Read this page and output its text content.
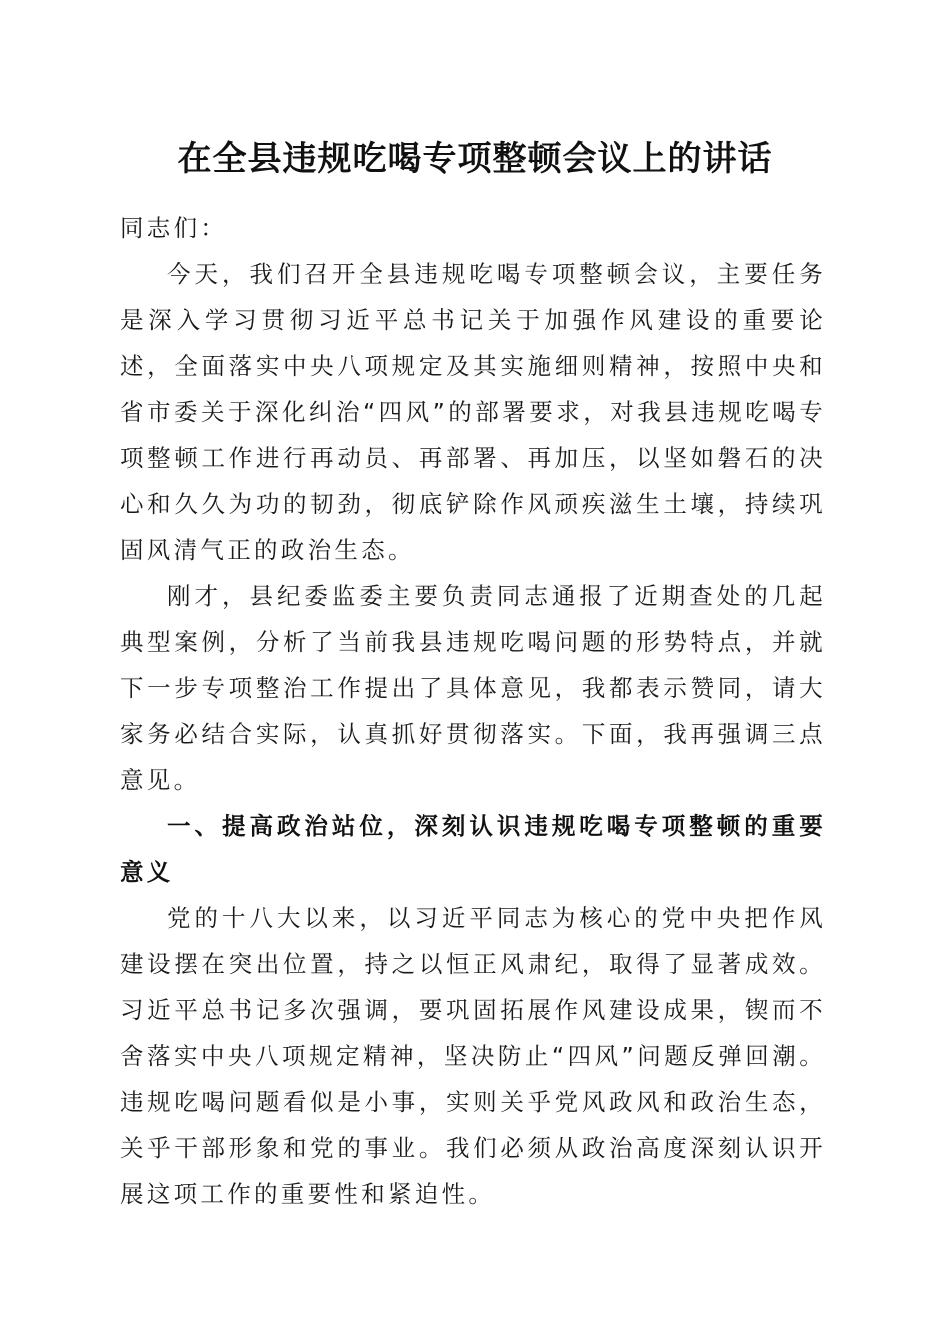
在全县违规吃喝专项整顿会议上的讲话

同志们：

今天，我们召开全县违规吃喝专项整顿会议，主要任务是深入学习贯彻习近平总书记关于加强作风建设的重要论述，全面落实中央八项规定及其实施细则精神，按照中央和省市委关于深化纠治“四风”的部署要求，对我县违规吃喝专项整顿工作进行再动员、再部署、再加压，以坚如磐石的决心和久久为功的韧劲，彻底铲除作风顽疾滋生土壤，持续巩固风清气正的政治生态。

刚才，县纪委监委主要负责同志通报了近期查处的几起典型案例，分析了当前我县违规吃喝问题的形势特点，并就下一步专项整治工作提出了具体意见，我都表示赞同，请大家务必结合实际，认真抓好贯彻落实。下面，我再强调三点意见。

一、提高政治站位，深刻认识违规吃喝专项整顿的重要意义

党的十八大以来，以习近平同志为核心的党中央把作风建设摆在突出位置，持之以恒正风肃纪，取得了显著成效。习近平总书记多次强调，要巩固拓展作风建设成果，锲而不舍落实中央八项规定精神，坚决防止“四风”问题反弹回潮。违规吃喝问题看似是小事，实则关乎党风政风和政治生态，关乎干部形象和党的事业。我们必须从政治高度深刻认识开展这项工作的重要性和紧迫性。
